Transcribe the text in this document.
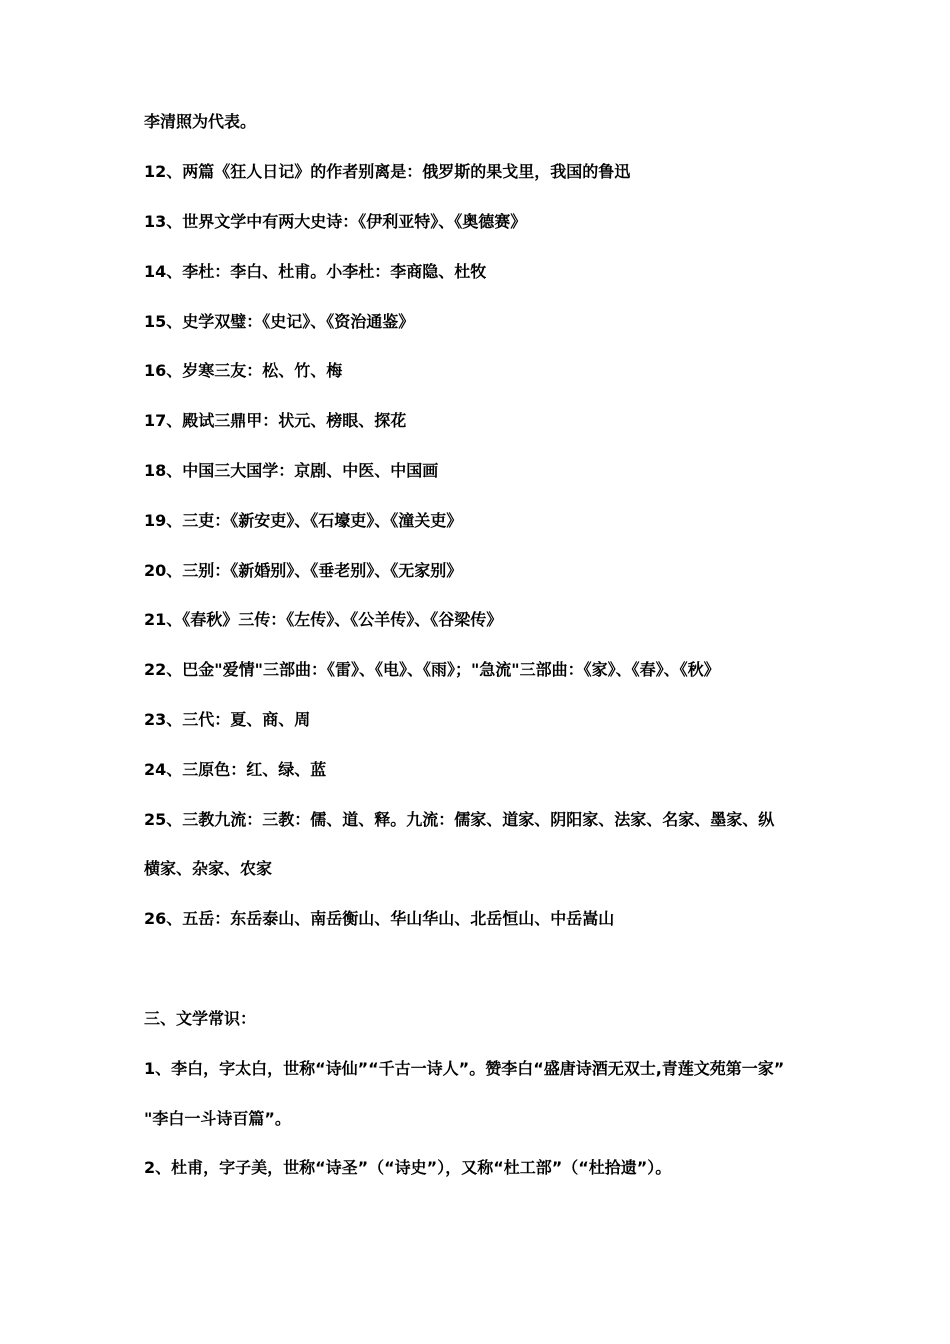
李清照为代表。
12、两篇《狂人日记》的作者别离是：俄罗斯的果戈里，我国的鲁迅
13、世界文学中有两大史诗：《伊利亚特》、《奥德赛》
14、李杜：李白、杜甫。小李杜：李商隐、杜牧
15、史学双璧：《史记》、《资治通鉴》
16、岁寒三友：松、竹、梅
17、殿试三鼎甲：状元、榜眼、探花
18、中国三大国学：京剧、中医、中国画
19、三吏：《新安吏》、《石壕吏》、《潼关吏》
20、三别：《新婚别》、《垂老别》、《无家别》
21、《春秋》三传：《左传》、《公羊传》、《谷梁传》
22、巴金"爱情"三部曲：《雷》、《电》、《雨》；"急流"三部曲：《家》、《春》、《秋》
23、三代：夏、商、周
24、三原色：红、绿、蓝
25、三教九流：三教：儒、道、释。九流：儒家、道家、阴阳家、法家、名家、墨家、纵
横家、杂家、农家
26、五岳：东岳泰山、南岳衡山、华山华山、北岳恒山、中岳嵩山
三、文学常识：
1、李白，字太白，世称“诗仙”“千古一诗人”。赞李白“盛唐诗酒无双士,青莲文苑第一家”
"李白一斗诗百篇”。
2、杜甫，字子美，世称“诗圣”（“诗史”），又称“杜工部”（“杜拾遗”）。
